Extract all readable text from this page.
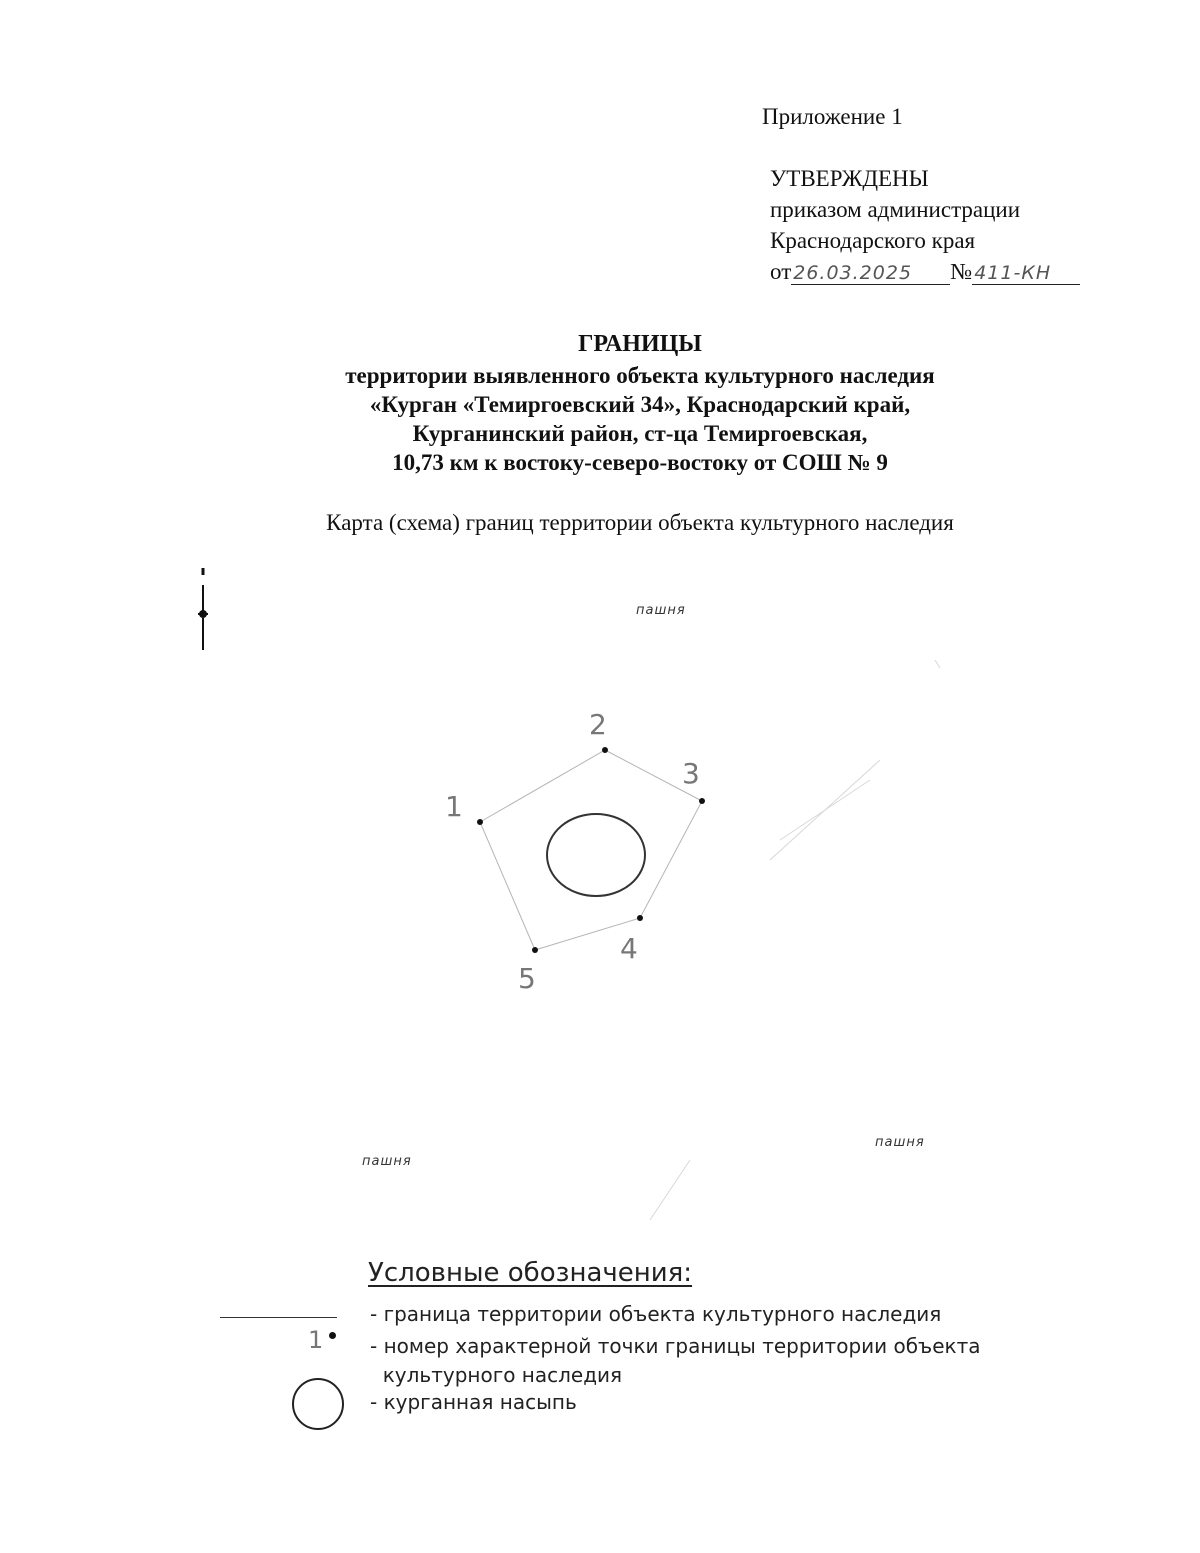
Приложение 1
УТВЕРЖДЕНЫ
приказом администрации
Краснодарского края
от 26.03.2025 № 411-КН
ГРАНИЦЫ
территории выявленного объекта культурного наследия
«Курган «Темиргоевский 34», Краснодарский край,
Курганинский район, ст-ца Темиргоевская,
10,73 км к востоку-северо-востоку от СОШ № 9
Карта (схема) границ территории объекта культурного наследия
пашня
пашня
пашня
1
2
3
4
5
Условные обозначения:
- граница территории объекта культурного наследия
1 - номер характерной точки границы территории объекта
культурного наследия
- курганная насыпь
